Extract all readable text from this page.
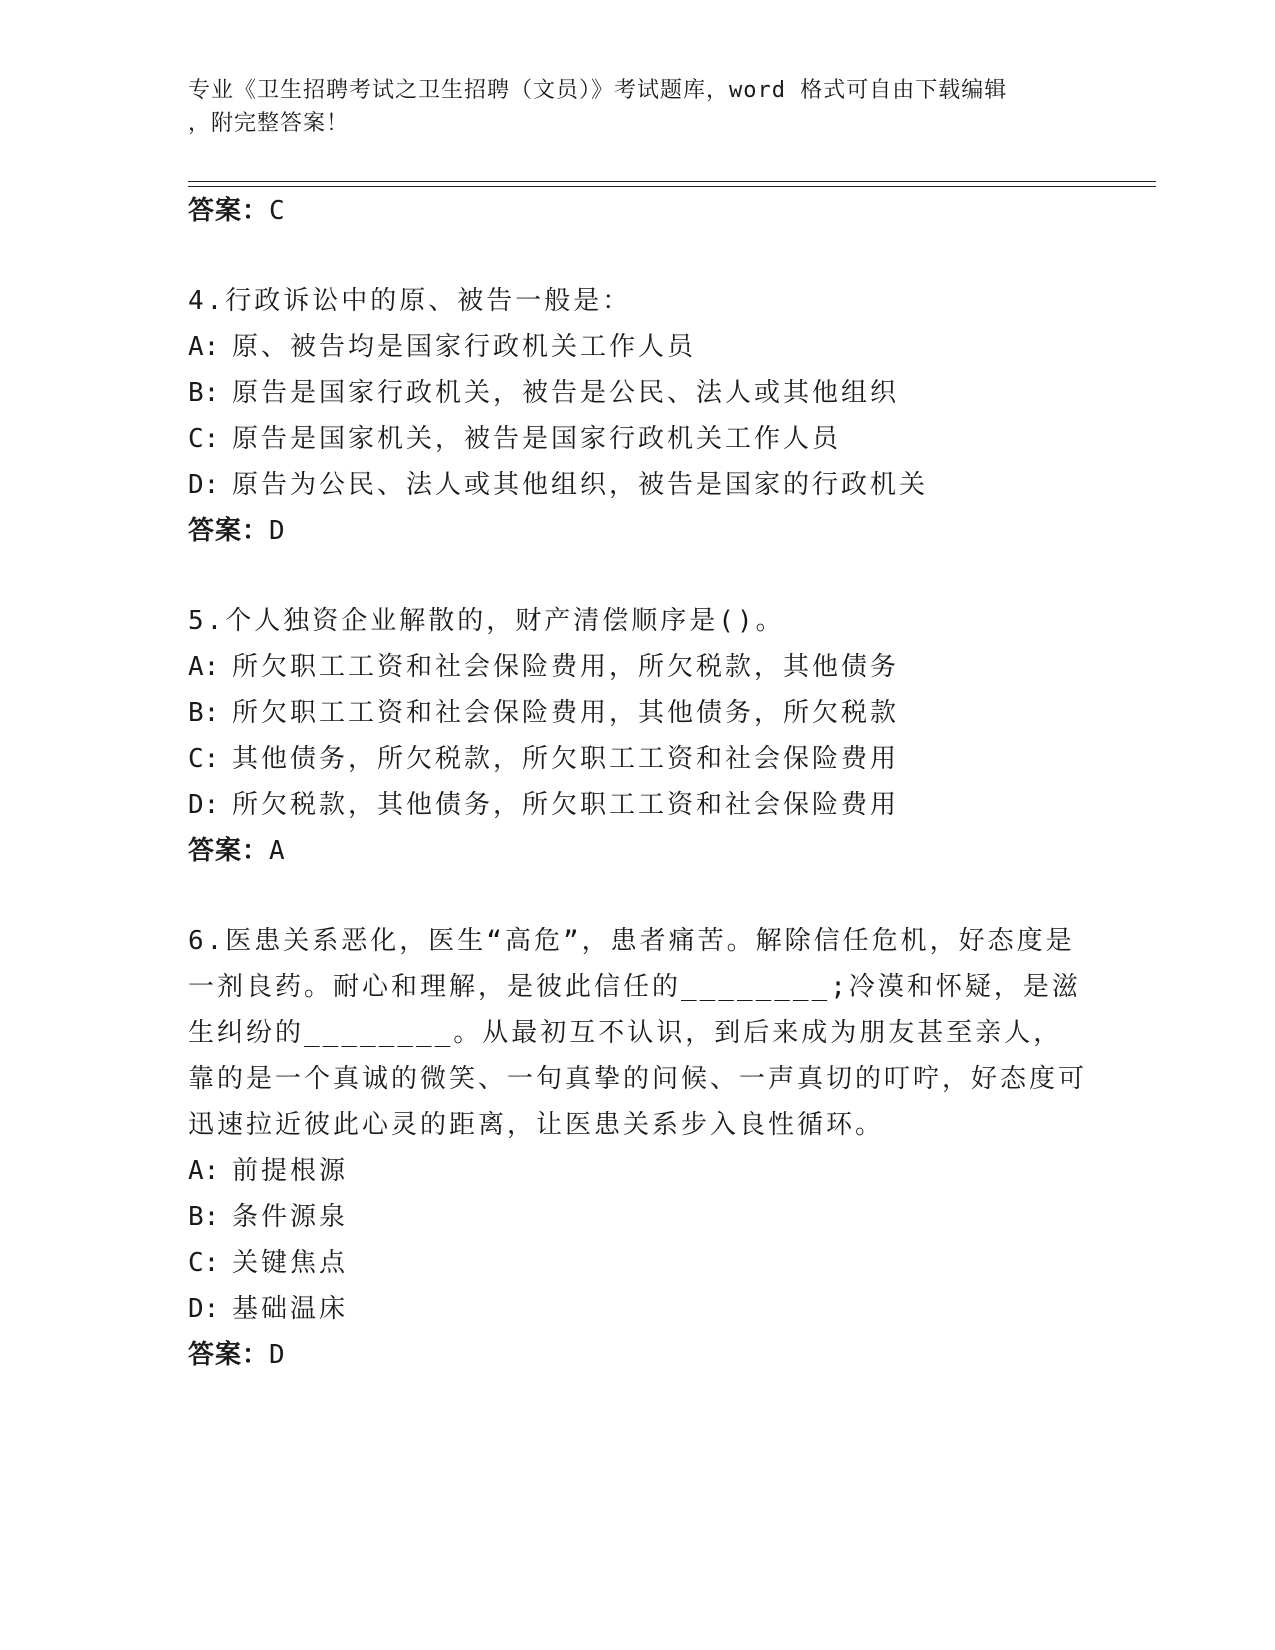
专业《卫生招聘考试之卫生招聘（文员）》考试题库，word 格式可自由下载编辑
，附完整答案！
答案：C
4.行政诉讼中的原、被告一般是：
A: 原、被告均是国家行政机关工作人员
B: 原告是国家行政机关，被告是公民、法人或其他组织
C: 原告是国家机关，被告是国家行政机关工作人员
D: 原告为公民、法人或其他组织，被告是国家的行政机关
答案：D
5.个人独资企业解散的，财产清偿顺序是()。
A: 所欠职工工资和社会保险费用，所欠税款，其他债务
B: 所欠职工工资和社会保险费用，其他债务，所欠税款
C: 其他债务，所欠税款，所欠职工工资和社会保险费用
D: 所欠税款，其他债务，所欠职工工资和社会保险费用
答案：A
6.医患关系恶化，医生“高危”，患者痛苦。解除信任危机，好态度是一剂良药。耐心和理解，是彼此信任的________;冷漠和怀疑，是滋生纠纷的________。从最初互不认识，到后来成为朋友甚至亲人，靠的是一个真诚的微笑、一句真挚的问候、一声真切的叮咛，好态度可迅速拉近彼此心灵的距离，让医患关系步入良性循环。
A: 前提根源
B: 条件源泉
C: 关键焦点
D: 基础温床
答案：D
